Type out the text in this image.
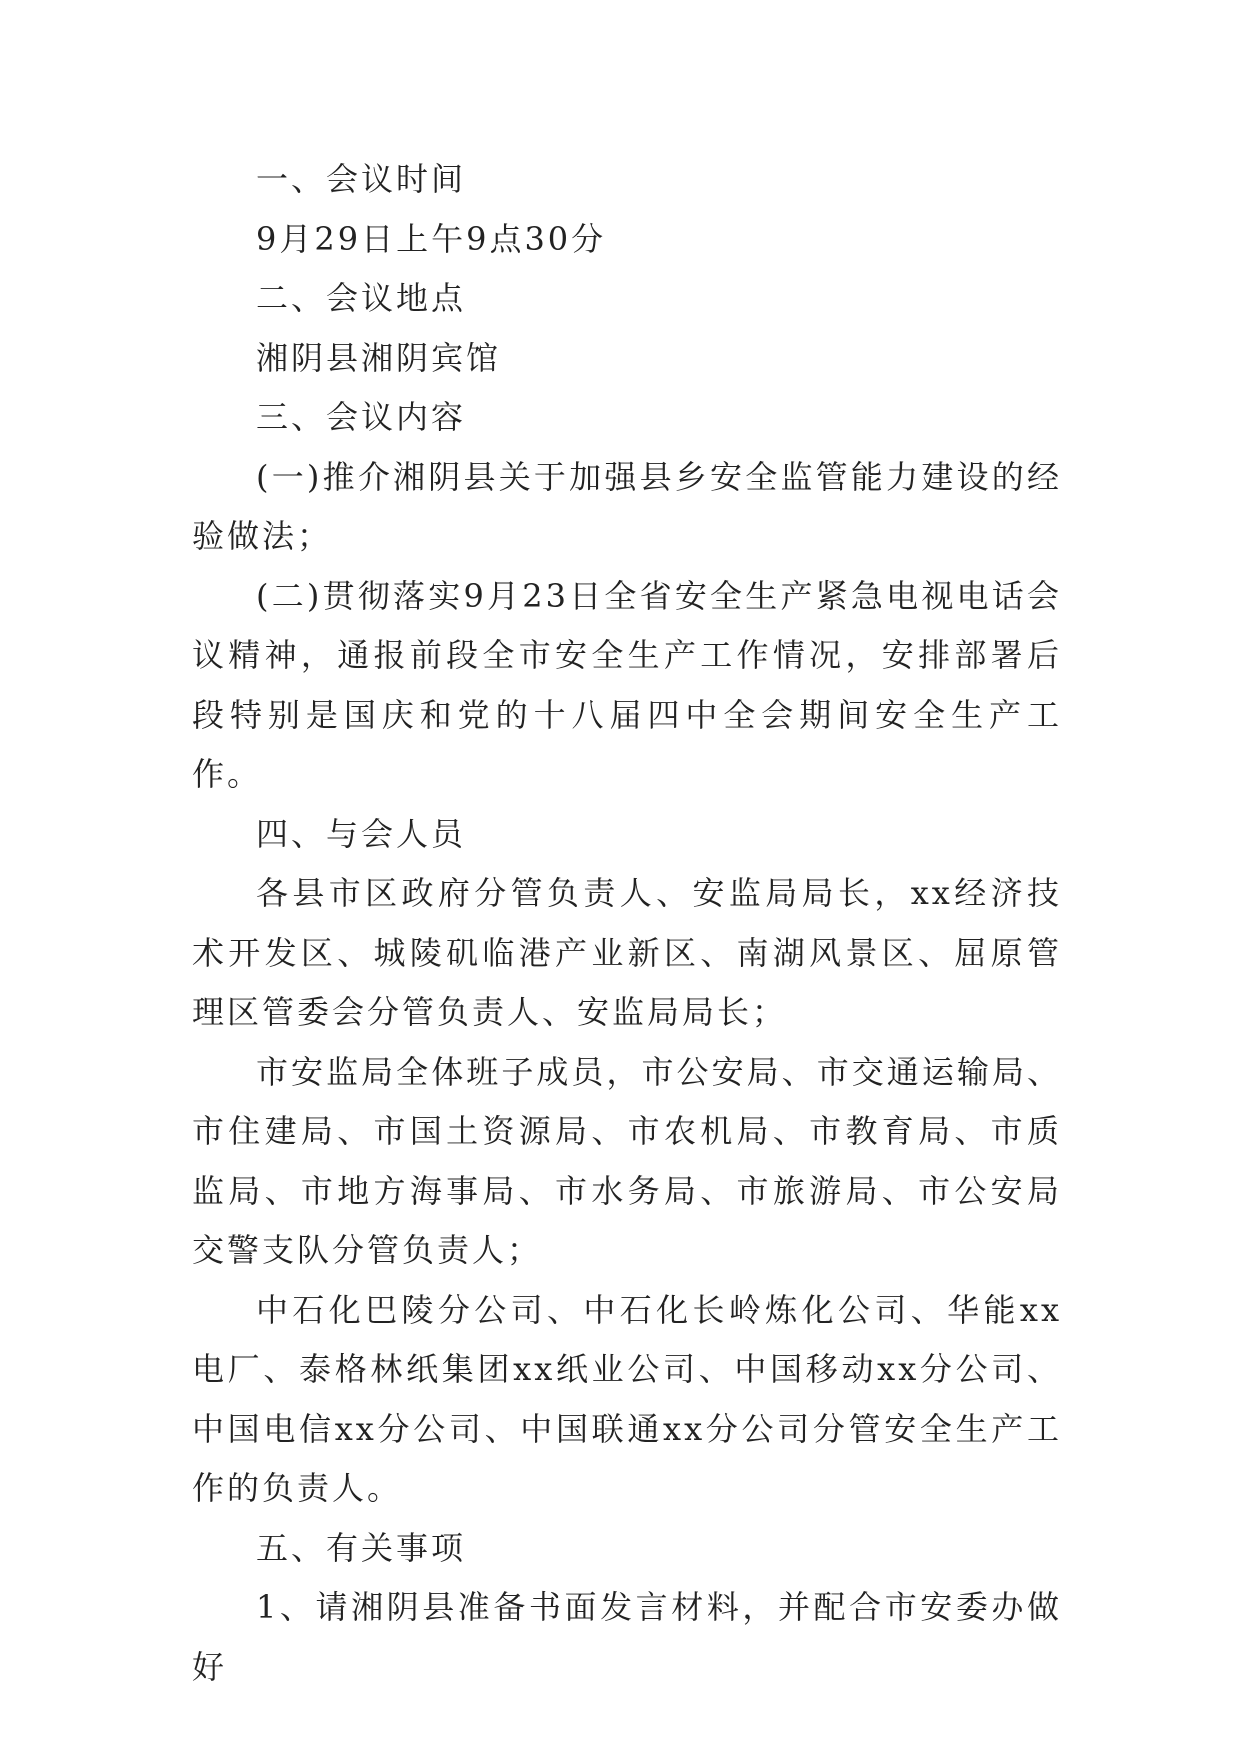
一、会议时间

9月29日上午9点30分

二、会议地点

湘阴县湘阴宾馆

三、会议内容

(一)推介湘阴县关于加强县乡安全监管能力建设的经验做法；

(二)贯彻落实9月23日全省安全生产紧急电视电话会议精神，通报前段全市安全生产工作情况，安排部署后段特别是国庆和党的十八届四中全会期间安全生产工作。

四、与会人员

各县市区政府分管负责人、安监局局长，xx经济技术开发区、城陵矶临港产业新区、南湖风景区、屈原管理区管委会分管负责人、安监局局长；

市安监局全体班子成员，市公安局、市交通运输局、市住建局、市国土资源局、市农机局、市教育局、市质监局、市地方海事局、市水务局、市旅游局、市公安局交警支队分管负责人；

中石化巴陵分公司、中石化长岭炼化公司、华能xx电厂、泰格林纸集团xx纸业公司、中国移动xx分公司、中国电信xx分公司、中国联通xx分公司分管安全生产工作的负责人。

五、有关事项

1、请湘阴县准备书面发言材料，并配合市安委办做好
